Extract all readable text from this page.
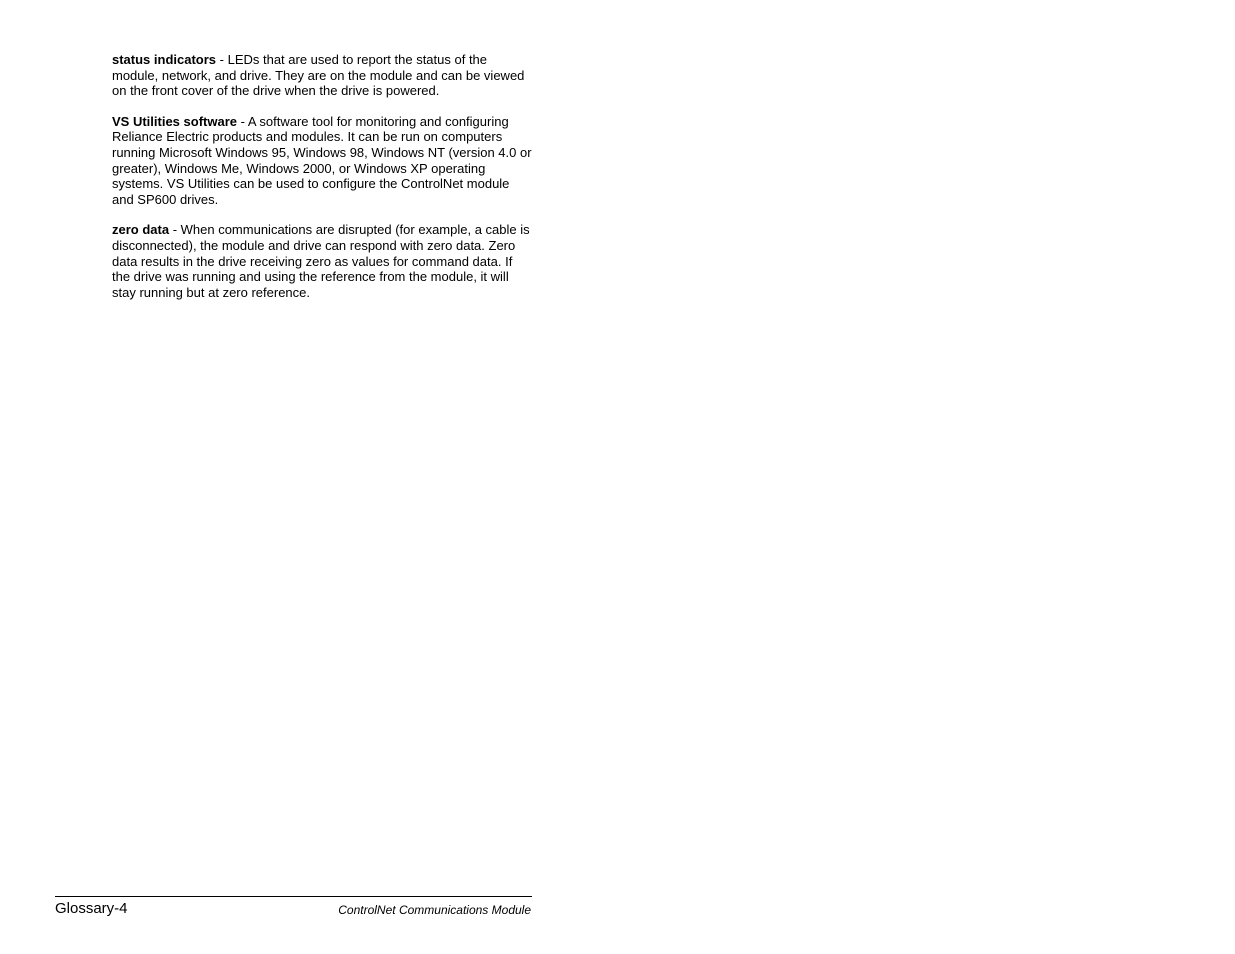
status indicators - LEDs that are used to report the status of the module, network, and drive. They are on the module and can be viewed on the front cover of the drive when the drive is powered.

VS Utilities software - A software tool for monitoring and configuring Reliance Electric products and modules. It can be run on computers running Microsoft Windows 95, Windows 98, Windows NT (version 4.0 or greater), Windows Me, Windows 2000, or Windows XP operating systems. VS Utilities can be used to configure the ControlNet module and SP600 drives.

zero data - When communications are disrupted (for example, a cable is disconnected), the module and drive can respond with zero data. Zero data results in the drive receiving zero as values for command data. If the drive was running and using the reference from the module, it will stay running but at zero reference.

Glossary-4	ControlNet Communications Module
